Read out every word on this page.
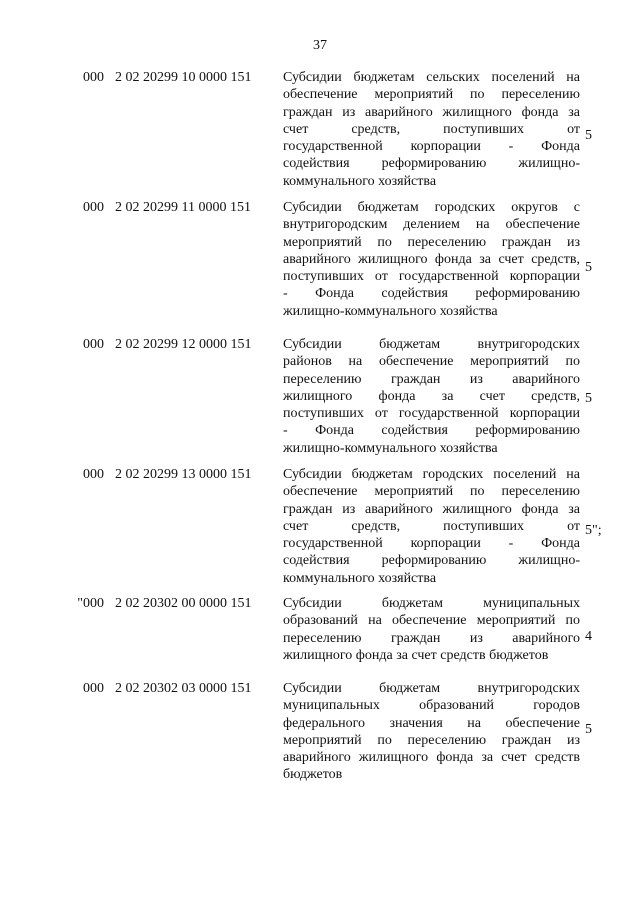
37
000 2 02 20299 10 0000 151	Субсидии бюджетам сельских поселений на
обеспечение мероприятий по переселению
граждан из аварийного жилищного фонда за
счет средств, поступивших от
государственной корпорации - Фонда
содействия реформированию жилищно-
коммунального хозяйства
5
000 2 02 20299 11 0000 151	Субсидии бюджетам городских округов с
внутригородским делением на обеспечение
мероприятий по переселению граждан из
аварийного жилищного фонда за счет средств,
поступивших от государственной корпорации
- Фонда содействия реформированию
жилищно-коммунального хозяйства
5
000 2 02 20299 12 0000 151	Субсидии бюджетам внутригородских
районов на обеспечение мероприятий по
переселению граждан из аварийного
жилищного фонда за счет средств,
поступивших от государственной корпорации
- Фонда содействия реформированию
жилищно-коммунального хозяйства
5
000 2 02 20299 13 0000 151	Субсидии бюджетам городских поселений на
обеспечение мероприятий по переселению
граждан из аварийного жилищного фонда за
счет средств, поступивших от
государственной корпорации - Фонда
содействия реформированию жилищно-
коммунального хозяйства
5";
"000 2 02 20302 00 0000 151	Субсидии бюджетам муниципальных
образований на обеспечение мероприятий по
переселению граждан из аварийного
жилищного фонда за счет средств бюджетов
4
000 2 02 20302 03 0000 151	Субсидии бюджетам внутригородских
муниципальных образований городов
федерального значения на обеспечение
мероприятий по переселению граждан из
аварийного жилищного фонда за счет средств
бюджетов
5
